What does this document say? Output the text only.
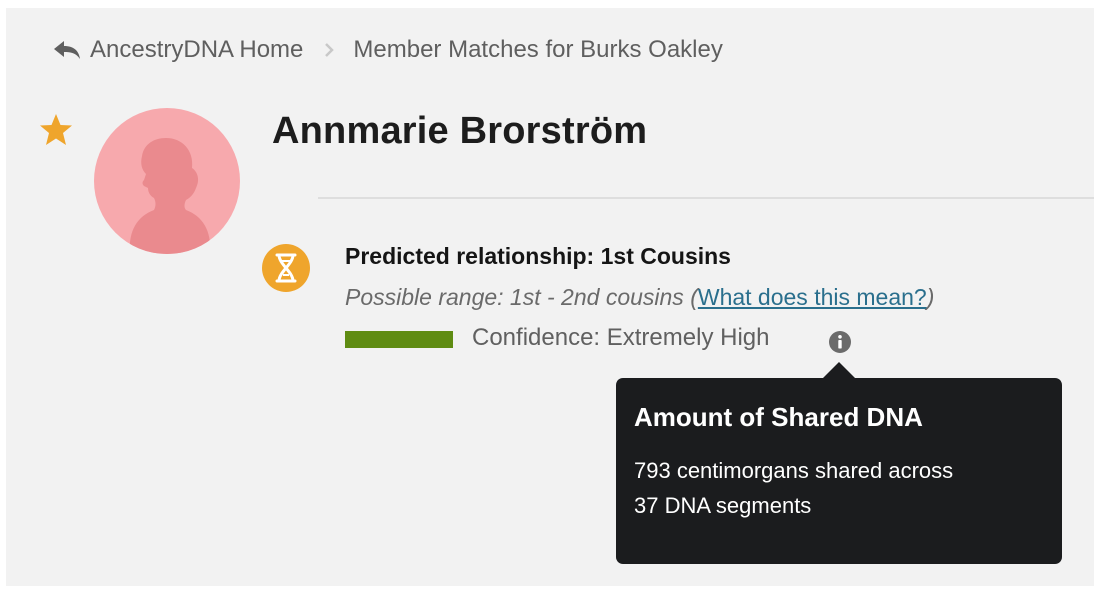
AncestryDNA Home Member Matches for Burks Oakley
Annmarie Brorström
Predicted relationship: 1st Cousins
Possible range: 1st - 2nd cousins (What does this mean?)
Confidence: Extremely High
Amount of Shared DNA
793 centimorgans shared across
37 DNA segments
